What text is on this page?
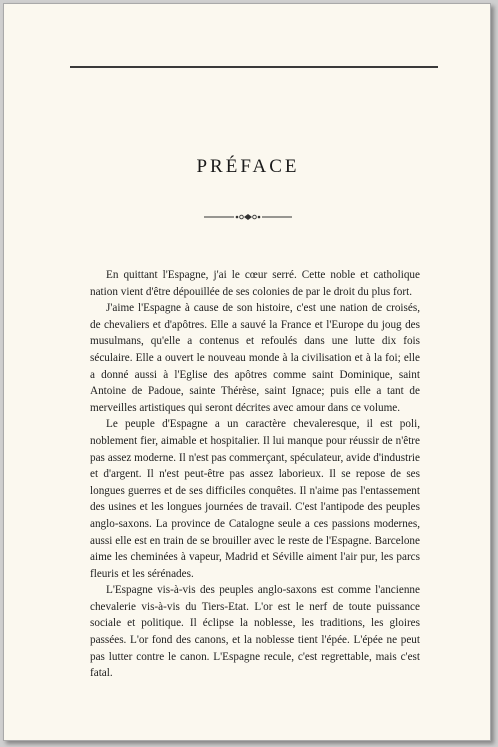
PRÉFACE

En quittant l'Espagne, j'ai le cœur serré. Cette noble et catholique nation vient d'être dépouillée de ses colonies de par le droit du plus fort.

J'aime l'Espagne à cause de son histoire, c'est une nation de croisés, de chevaliers et d'apôtres. Elle a sauvé la France et l'Europe du joug des musulmans, qu'elle a contenus et refoulés dans une lutte dix fois séculaire. Elle a ouvert le nouveau monde à la civilisation et à la foi; elle a donné aussi à l'Eglise des apôtres comme saint Dominique, saint Antoine de Padoue, sainte Thérèse, saint Ignace; puis elle a tant de merveilles artistiques qui seront décrites avec amour dans ce volume.

Le peuple d'Espagne a un caractère chevaleresque, il est poli, noblement fier, aimable et hospitalier. Il lui manque pour réussir de n'être pas assez moderne. Il n'est pas commerçant, spéculateur, avide d'industrie et d'argent. Il n'est peut-être pas assez laborieux. Il se repose de ses longues guerres et de ses difficiles conquêtes. Il n'aime pas l'entassement des usines et les longues journées de travail. C'est l'antipode des peuples anglo-saxons. La province de Catalogne seule a ces passions modernes, aussi elle est en train de se brouiller avec le reste de l'Espagne. Barcelone aime les cheminées à vapeur, Madrid et Séville aiment l'air pur, les parcs fleuris et les sérénades.

L'Espagne vis-à-vis des peuples anglo-saxons est comme l'ancienne chevalerie vis-à-vis du Tiers-Etat. L'or est le nerf de toute puissance sociale et politique. Il éclipse la noblesse, les traditions, les gloires passées. L'or fond des canons, et la noblesse tient l'épée. L'épée ne peut pas lutter contre le canon. L'Espagne recule, c'est regrettable, mais c'est fatal.
